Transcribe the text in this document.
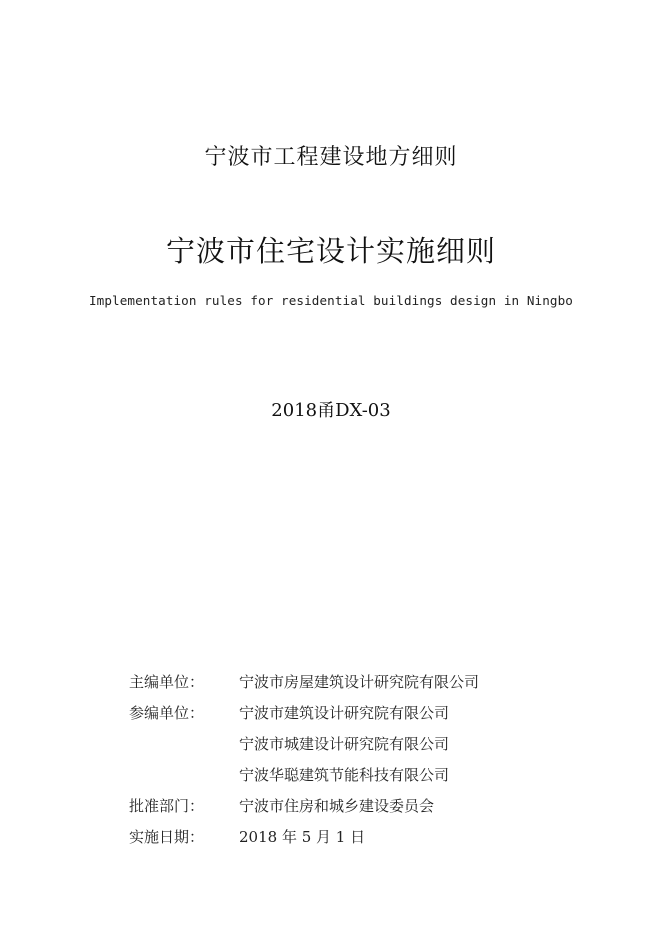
宁波市工程建设地方细则
宁波市住宅设计实施细则
Implementation rules for residential buildings design in Ningbo
2018甬DX-03
主编单位：	宁波市房屋建筑设计研究院有限公司
参编单位：	宁波市建筑设计研究院有限公司
宁波市城建设计研究院有限公司
宁波华聪建筑节能科技有限公司
批准部门：	宁波市住房和城乡建设委员会
实施日期：	2018 年 5 月 1 日
